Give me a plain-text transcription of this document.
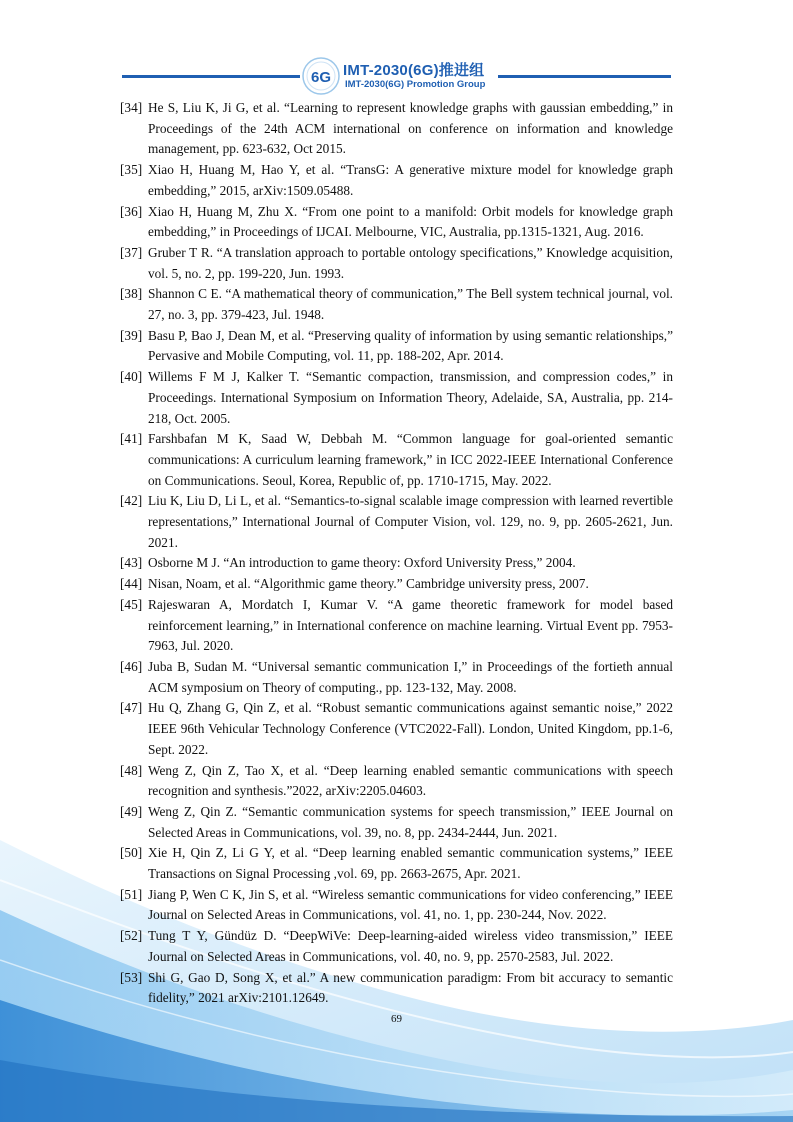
6G IMT-2030(6G)推进组
IMT-2030(6G) Promotion Group
[34] He S, Liu K, Ji G, et al. “Learning to represent knowledge graphs with gaussian embedding,” in Proceedings of the 24th ACM international on conference on information and knowledge management, pp. 623-632, Oct 2015.
[35] Xiao H, Huang M, Hao Y, et al. “TransG: A generative mixture model for knowledge graph embedding,” 2015, arXiv:1509.05488.
[36] Xiao H, Huang M, Zhu X. “From one point to a manifold: Orbit models for knowledge graph embedding,” in Proceedings of IJCAI. Melbourne, VIC, Australia, pp.1315-1321, Aug. 2016.
[37] Gruber T R. “A translation approach to portable ontology specifications,” Knowledge acquisition, vol. 5, no. 2, pp. 199-220, Jun. 1993.
[38] Shannon C E. “A mathematical theory of communication,” The Bell system technical journal, vol. 27, no. 3, pp. 379-423, Jul. 1948.
[39] Basu P, Bao J, Dean M, et al. “Preserving quality of information by using semantic relationships,” Pervasive and Mobile Computing, vol. 11, pp. 188-202, Apr. 2014.
[40] Willems F M J, Kalker T. “Semantic compaction, transmission, and compression codes,” in Proceedings. International Symposium on Information Theory, Adelaide, SA, Australia, pp. 214-218, Oct. 2005.
[41] Farshbafan M K, Saad W, Debbah M. “Common language for goal-oriented semantic communications: A curriculum learning framework,” in ICC 2022-IEEE International Conference on Communications. Seoul, Korea, Republic of, pp. 1710-1715, May. 2022.
[42] Liu K, Liu D, Li L, et al. “Semantics-to-signal scalable image compression with learned revertible representations,” International Journal of Computer Vision, vol. 129, no. 9, pp. 2605-2621, Jun. 2021.
[43] Osborne M J. “An introduction to game theory: Oxford University Press,” 2004.
[44] Nisan, Noam, et al. “Algorithmic game theory.” Cambridge university press, 2007.
[45] Rajeswaran A, Mordatch I, Kumar V. “A game theoretic framework for model based reinforcement learning,” in International conference on machine learning. Virtual Event pp. 7953-7963, Jul. 2020.
[46] Juba B, Sudan M. “Universal semantic communication I,” in Proceedings of the fortieth annual ACM symposium on Theory of computing., pp. 123-132, May. 2008.
[47] Hu Q, Zhang G, Qin Z, et al. “Robust semantic communications against semantic noise,” 2022 IEEE 96th Vehicular Technology Conference (VTC2022-Fall). London, United Kingdom, pp.1-6, Sept. 2022.
[48] Weng Z, Qin Z, Tao X, et al. “Deep learning enabled semantic communications with speech recognition and synthesis.”2022, arXiv:2205.04603.
[49] Weng Z, Qin Z. “Semantic communication systems for speech transmission,” IEEE Journal on Selected Areas in Communications, vol. 39, no. 8, pp. 2434-2444, Jun. 2021.
[50] Xie H, Qin Z, Li G Y, et al. “Deep learning enabled semantic communication systems,” IEEE Transactions on Signal Processing ,vol. 69, pp. 2663-2675, Apr. 2021.
[51] Jiang P, Wen C K, Jin S, et al. “Wireless semantic communications for video conferencing,” IEEE Journal on Selected Areas in Communications, vol. 41, no. 1, pp. 230-244, Nov. 2022.
[52] Tung T Y, Gündüz D. “DeepWiVe: Deep-learning-aided wireless video transmission,” IEEE Journal on Selected Areas in Communications, vol. 40, no. 9, pp. 2570-2583, Jul. 2022.
[53] Shi G, Gao D, Song X, et al.” A new communication paradigm: From bit accuracy to semantic fidelity,” 2021 arXiv:2101.12649.
69
